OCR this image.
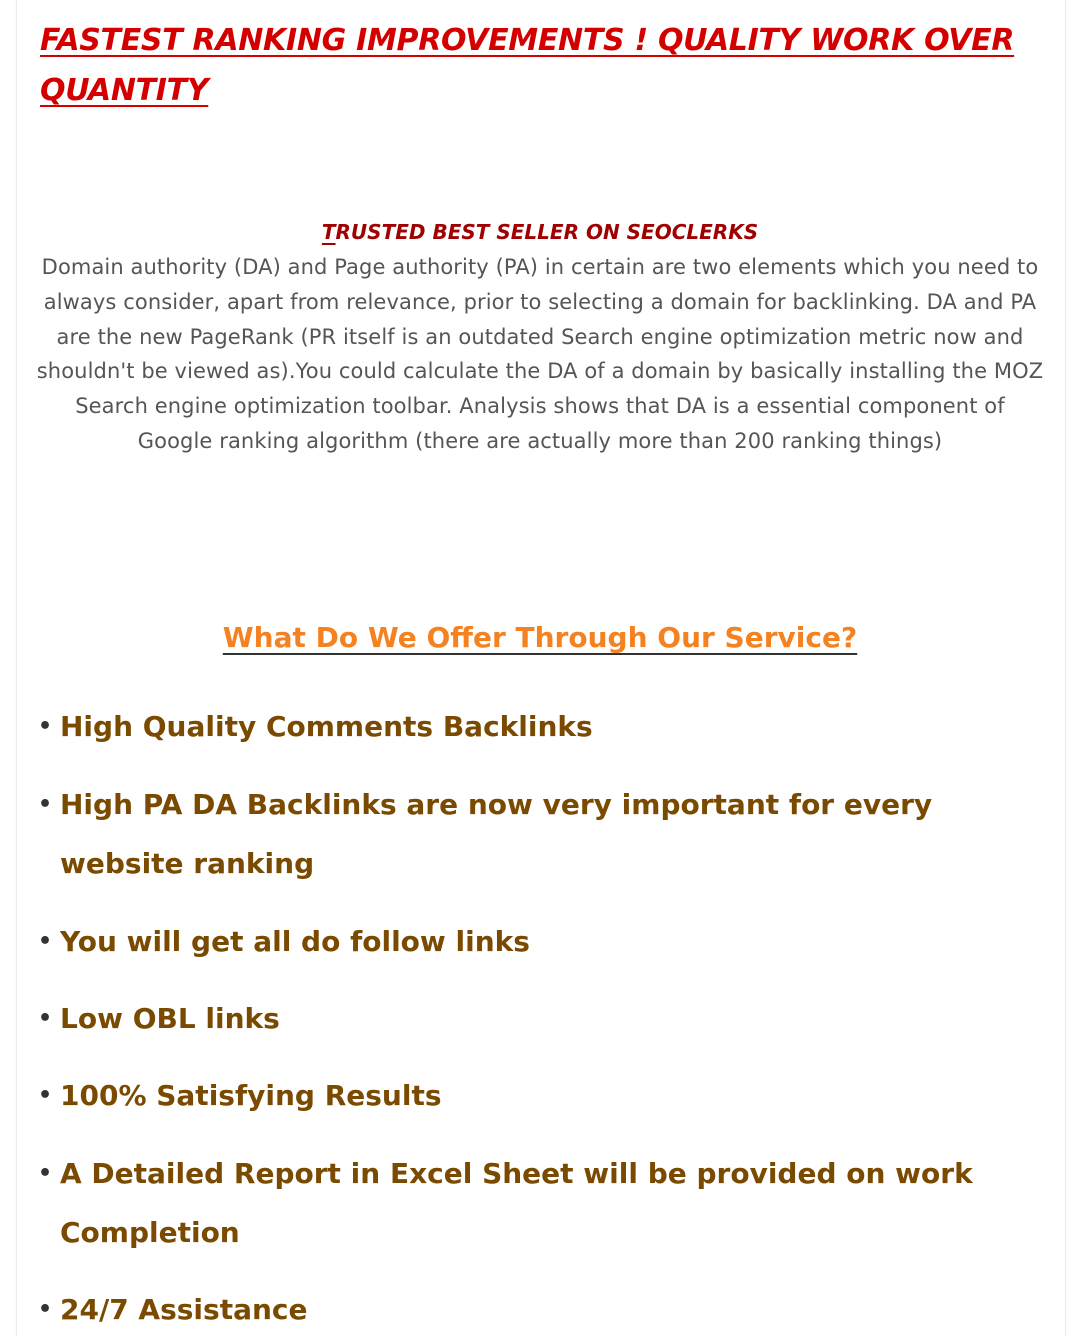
FASTEST RANKING IMPROVEMENTS ! QUALITY WORK OVER QUANTITY

TRUSTED BEST SELLER ON SEOCLERKS

Domain authority (DA) and Page authority (PA) in certain are two elements which you need to always consider, apart from relevance, prior to selecting a domain for backlinking. DA and PA are the new PageRank (PR itself is an outdated Search engine optimization metric now and shouldn't be viewed as).You could calculate the DA of a domain by basically installing the MOZ Search engine optimization toolbar. Analysis shows that DA is a essential component of Google ranking algorithm (there are actually more than 200 ranking things)

What Do We Offer Through Our Service?
• High Quality Comments Backlinks
• High PA DA Backlinks are now very important for every website ranking
• You will get all do follow links
• Low OBL links
• 100% Satisfying Results
• A Detailed Report in Excel Sheet will be provided on work Completion
• 24/7 Assistance
